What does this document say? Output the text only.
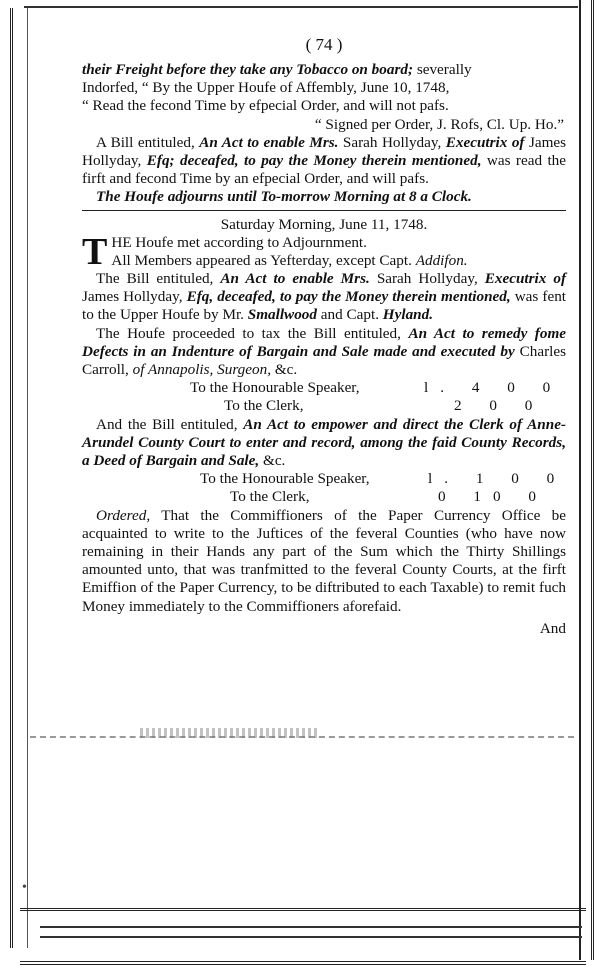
•

( 74 )

their Freight before they take any Tobacco on board; severally
Indorfed, “ By the Upper Houfe of Affembly, June 10, 1748,
“ Read the fecond Time by efpecial Order, and will not pafs.

“ Signed per Order, J. Rofs, Cl. Up. Ho.”

A Bill entituled, An Act to enable Mrs. Sarah Hollyday, Executrix of James Hollyday, Efq; deceafed, to pay the Money therein mentioned, was read the firft and fecond Time by an efpecial Order, and will pafs.

The Houfe adjourns until To-morrow Morning at 8 a Clock.

Saturday Morning, June 11, 1748.

T HE Houfe met according to Adjournment.

All Members appeared as Yefterday, except Capt. Addifon.

The Bill entituled, An Act to enable Mrs. Sarah Hollyday, Executrix of James Hollyday, Efq, deceafed, to pay the Money therein mentioned, was fent to the Upper Houfe by Mr. Smallwood and Capt. Hyland.

The Houfe proceeded to tax the Bill entituled, An Act to remedy fome Defects in an Indenture of Bargain and Sale made and executed by Charles Carroll, of Annapolis, Surgeon, &c.

To the Honourable Speaker,	l. 4 0 0
To the Clerk,	2 0 0

And the Bill entituled, An Act to empower and direct the Clerk of Anne-Arundel County Court to enter and record, among the faid County Records, a Deed of Bargain and Sale, &c.

To the Honourable Speaker,	l. 1 0 0
To the Clerk,	0 10 0

Ordered, That the Commiffioners of the Paper Currency Office be acquainted to write to the Juftices of the feveral Counties (who have now remaining in their Hands any part of the Sum which the Thirty Shillings amounted unto, that was tranfmitted to the feveral County Courts, at the firft Emiffion of the Paper Currency, to be diftributed to each Taxable) to remit fuch Money immediately to the Commiffioners aforefaid.

And
